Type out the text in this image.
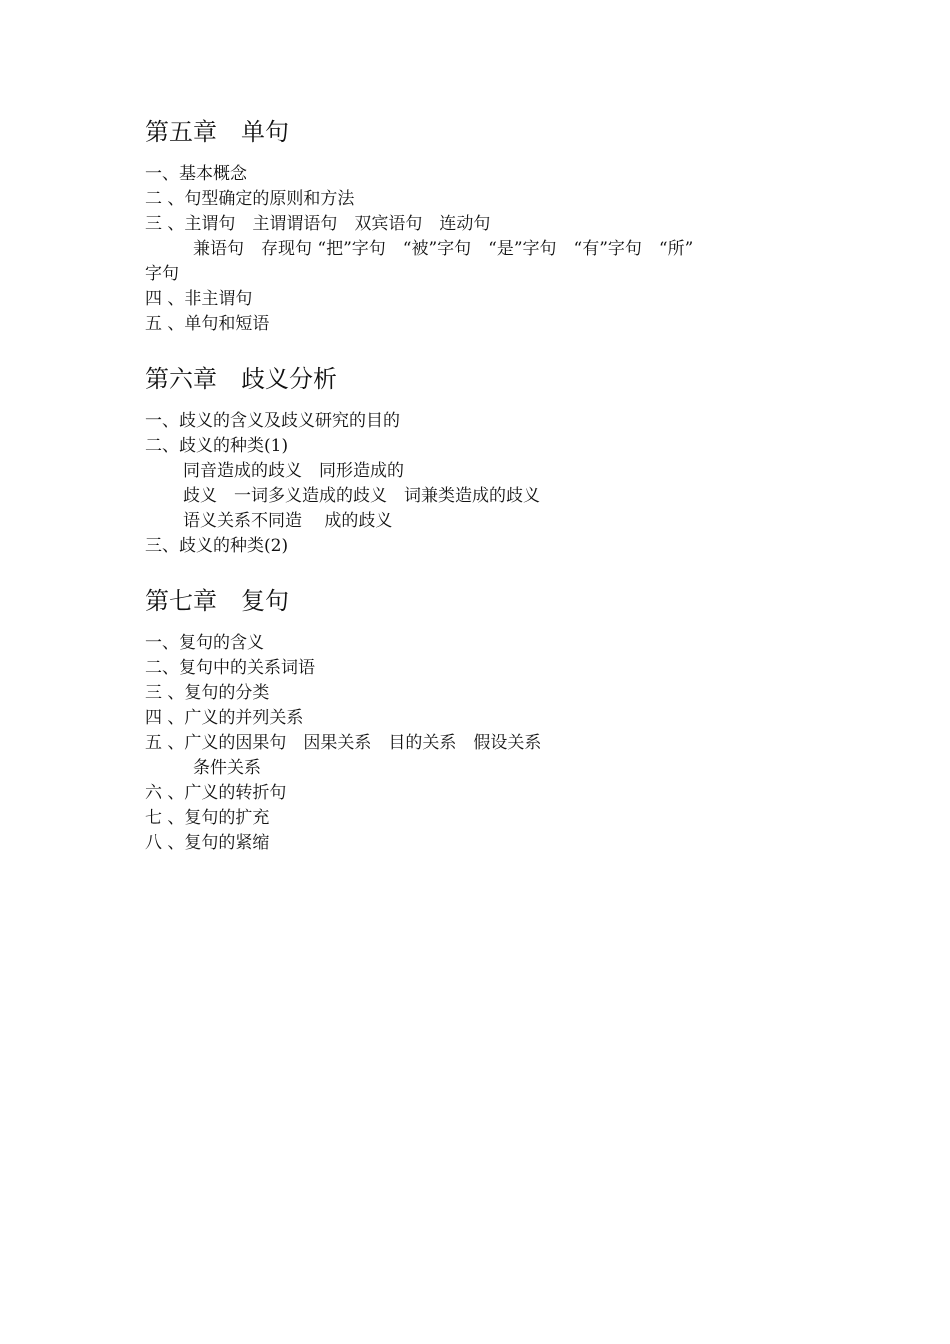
第五章　单句

一、基本概念

二 、句型确定的原则和方法

三 、主谓句　主谓谓语句　双宾语句　连动句

兼语句　存现句 “把”字句　“被”字句　“是”字句　“有”字句　“所”

字句

四 、非主谓句

五 、单句和短语

第六章　歧义分析

一、歧义的含义及歧义研究的目的

二、歧义的种类(1)

同音造成的歧义　同形造成的

歧义　一词多义造成的歧义　词兼类造成的歧义

语义关系不同造　 成的歧义

三、歧义的种类(2)

第七章　复句

一、复句的含义

二、复句中的关系词语

三 、复句的分类

四 、广义的并列关系

五 、广义的因果句　因果关系　目的关系　假设关系

条件关系

六 、广义的转折句

七 、复句的扩充

八 、复句的紧缩
